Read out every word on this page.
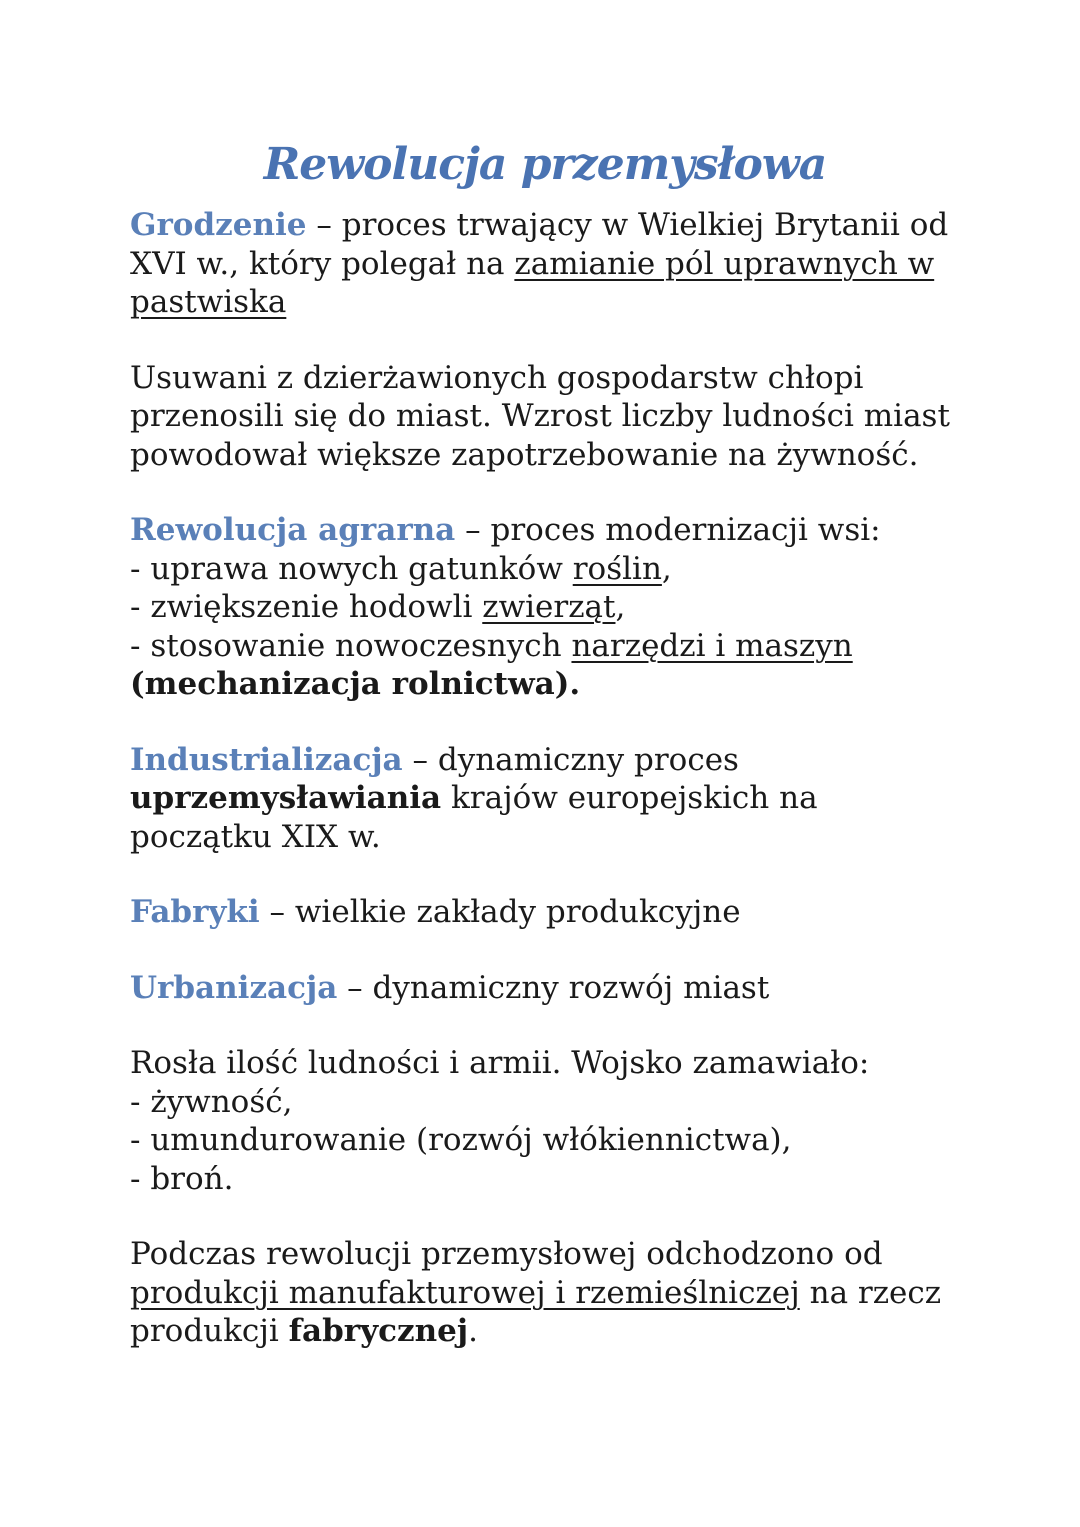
Rewolucja przemysłowa

Grodzenie – proces trwający w Wielkiej Brytanii od XVI w., który polegał na zamianie pól uprawnych w pastwiska

Usuwani z dzierżawionych gospodarstw chłopi przenosili się do miast. Wzrost liczby ludności miast powodował większe zapotrzebowanie na żywność.

Rewolucja agrarna – proces modernizacji wsi:
- uprawa nowych gatunków roślin,
- zwiększenie hodowli zwierząt,
- stosowanie nowoczesnych narzędzi i maszyn
(mechanizacja rolnictwa).

Industrializacja – dynamiczny proces
uprzemysławiania krajów europejskich na początku XIX w.

Fabryki – wielkie zakłady produkcyjne

Urbanizacja – dynamiczny rozwój miast

Rosła ilość ludności i armii. Wojsko zamawiało:
- żywność,
- umundurowanie (rozwój włókiennictwa),
- broń.

Podczas rewolucji przemysłowej odchodzono od produkcji manufakturowej i rzemieślniczej na rzecz produkcji fabrycznej.
